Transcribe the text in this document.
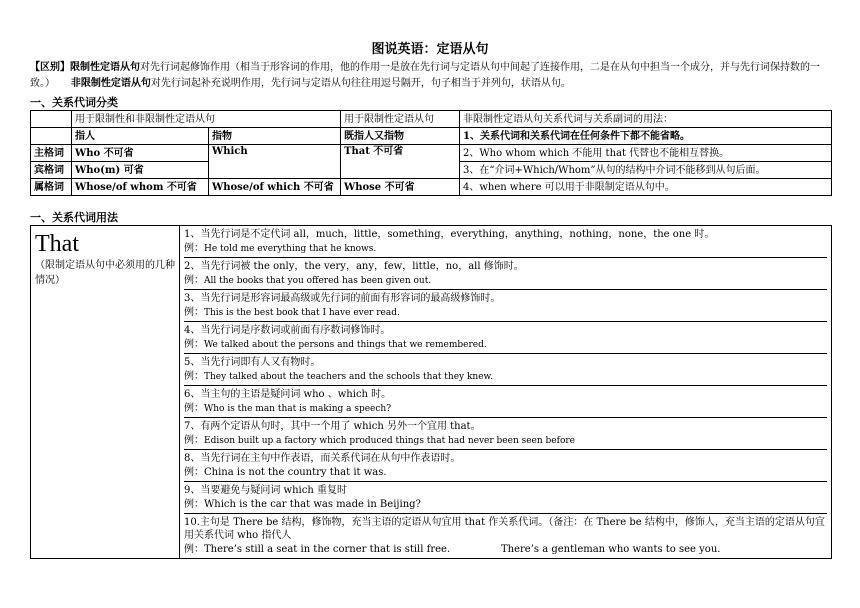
图说英语：定语从句
【区别】限制性定语从句对先行词起修饰作用（相当于形容词的作用，他的作用一是放在先行词与定语从句中间起了连接作用，二是在从句中担当一个成分，并与先行词保持数的一致。） 非限制性定语从句对先行词起补充说明作用，先行词与定语从句往往用逗号隔开，句子相当于并列句，状语从句。
一、关系代词分类
	用于限制性和非限制性定语从句		用于限制性定语从句	非限制性定语从句关系代词与关系副词的用法：
	指人	指物	既指人又指物	1、关系代词和关系代词在任何条件下都不能省略。
主格词	Who 不可省	Which	That 不可省	2、Who whom which 不能用 that 代替也不能相互替换。
宾格词	Who(m) 可省			3、在“介词+Which/Whom”从句的结构中介词不能移到从句后面。
属格词	Whose/of whom 不可省	Whose/of which 不可省	Whose 不可省	4、when where 可以用于非限制定语从句中。
一、关系代词用法
That
（限制定语从句中必须用的几种情况）

1、当先行词是不定代词 all，much，little，something，everything，anything，nothing，none，the one 时。
例：He told me everything that he knows.
2、当先行词被 the only，the very，any，few，little，no，all 修饰时。
例：All the books that you offered has been given out.
3、当先行词是形容词最高级或先行词的前面有形容词的最高级修饰时。
例：This is the best book that I have ever read.
4、当先行词是序数词或前面有序数词修饰时。
例：We talked about the persons and things that we remembered.
5、当先行词即有人又有物时。
例：They talked about the teachers and the schools that they knew.
6、当主句的主语是疑问词 who 、which 时。
例：Who is the man that is making a speech?
7、有两个定语从句时，其中一个用了 which 另外一个宜用 that。
例：Edison built up a factory which produced things that had never been seen before
8、当先行词在主句中作表语，而关系代词在从句中作表语时。
例：China is not the country that it was.
9、当要避免与疑问词 which 重复时
例：Which is the car that was made in Beijing?
10.主句是 There be 结构，修饰物，充当主语的定语从句宜用 that 作关系代词。（备注：在 There be 结构中，修饰人，充当主语的定语从句宜用关系代词 who 指代人
例：There’s still a seat in the corner that is still free.                There’s a gentleman who wants to see you.
